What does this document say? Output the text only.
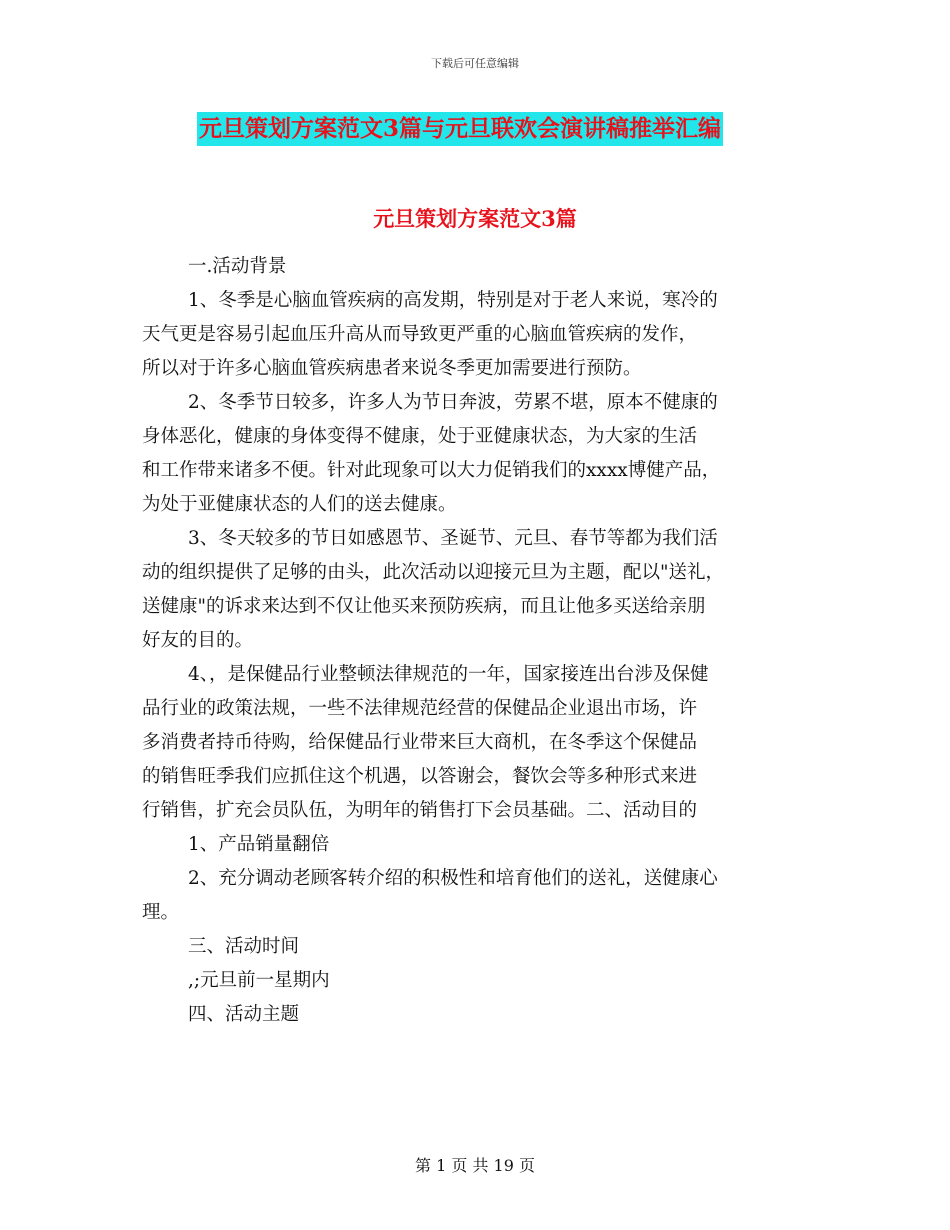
下载后可任意编辑
元旦策划方案范文3篇与元旦联欢会演讲稿推举汇编
元旦策划方案范文3篇
一.活动背景
1、冬季是心脑血管疾病的高发期，特别是对于老人来说，寒冷的
天气更是容易引起血压升高从而导致更严重的心脑血管疾病的发作，
所以对于许多心脑血管疾病患者来说冬季更加需要进行预防。
2、冬季节日较多，许多人为节日奔波，劳累不堪，原本不健康的
身体恶化，健康的身体变得不健康，处于亚健康状态，为大家的生活
和工作带来诸多不便。针对此现象可以大力促销我们的xxxx博健产品，
为处于亚健康状态的人们的送去健康。
3、冬天较多的节日如感恩节、圣诞节、元旦、春节等都为我们活
动的组织提供了足够的由头，此次活动以迎接元旦为主题，配以"送礼，
送健康"的诉求来达到不仅让他买来预防疾病，而且让他多买送给亲朋
好友的目的。
4、，是保健品行业整顿法律规范的一年，国家接连出台涉及保健
品行业的政策法规，一些不法律规范经营的保健品企业退出市场，许
多消费者持币待购，给保健品行业带来巨大商机，在冬季这个保健品
的销售旺季我们应抓住这个机遇，以答谢会，餐饮会等多种形式来进
行销售，扩充会员队伍，为明年的销售打下会员基础。二、活动目的
1、产品销量翻倍
2、充分调动老顾客转介绍的积极性和培育他们的送礼，送健康心
理。
三、活动时间
,;元旦前一星期内
四、活动主题
第 1 页 共 19 页
